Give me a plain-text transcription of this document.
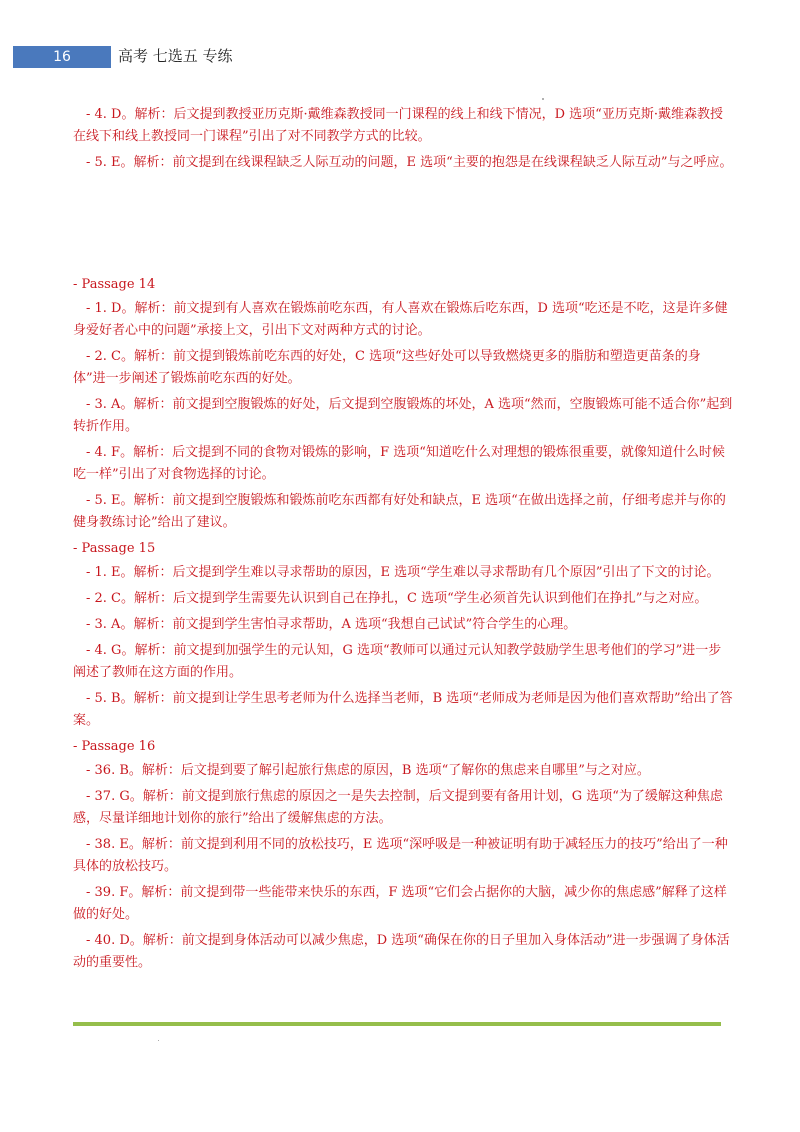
16	高考 七选五 专练

- 4. D。解析：后文提到教授亚历克斯·戴维森教授同一门课程的线上和线下情况，D 选项“亚历克斯·戴维森教授在线下和线上教授同一门课程”引出了对不同教学方式的比较。

- 5. E。解析：前文提到在线课程缺乏人际互动的问题，E 选项“主要的抱怨是在线课程缺乏人际互动”与之呼应。

- Passage 14

- 1. D。解析：前文提到有人喜欢在锻炼前吃东西，有人喜欢在锻炼后吃东西，D 选项“吃还是不吃，这是许多健身爱好者心中的问题”承接上文，引出下文对两种方式的讨论。

- 2. C。解析：前文提到锻炼前吃东西的好处，C 选项“这些好处可以导致燃烧更多的脂肪和塑造更苗条的身体”进一步阐述了锻炼前吃东西的好处。

- 3. A。解析：前文提到空腹锻炼的好处，后文提到空腹锻炼的坏处，A 选项“然而，空腹锻炼可能不适合你”起到转折作用。

- 4. F。解析：后文提到不同的食物对锻炼的影响，F 选项“知道吃什么对理想的锻炼很重要，就像知道什么时候吃一样”引出了对食物选择的讨论。

- 5. E。解析：前文提到空腹锻炼和锻炼前吃东西都有好处和缺点，E 选项“在做出选择之前，仔细考虑并与你的健身教练讨论”给出了建议。

- Passage 15

- 1. E。解析：后文提到学生难以寻求帮助的原因，E 选项“学生难以寻求帮助有几个原因”引出了下文的讨论。

- 2. C。解析：后文提到学生需要先认识到自己在挣扎，C 选项“学生必须首先认识到他们在挣扎”与之对应。

- 3. A。解析：前文提到学生害怕寻求帮助，A 选项“我想自己试试”符合学生的心理。

- 4. G。解析：前文提到加强学生的元认知，G 选项“教师可以通过元认知教学鼓励学生思考他们的学习”进一步阐述了教师在这方面的作用。

- 5. B。解析：前文提到让学生思考老师为什么选择当老师，B 选项“老师成为老师是因为他们喜欢帮助”给出了答案。

- Passage 16

- 36. B。解析：后文提到要了解引起旅行焦虑的原因，B 选项“了解你的焦虑来自哪里”与之对应。

- 37. G。解析：前文提到旅行焦虑的原因之一是失去控制，后文提到要有备用计划，G 选项“为了缓解这种焦虑感，尽量详细地计划你的旅行”给出了缓解焦虑的方法。

- 38. E。解析：前文提到利用不同的放松技巧，E 选项“深呼吸是一种被证明有助于减轻压力的技巧”给出了一种具体的放松技巧。

- 39. F。解析：前文提到带一些能带来快乐的东西，F 选项“它们会占据你的大脑，减少你的焦虑感”解释了这样做的好处。

- 40. D。解析：前文提到身体活动可以减少焦虑，D 选项“确保在你的日子里加入身体活动”进一步强调了身体活动的重要性。
